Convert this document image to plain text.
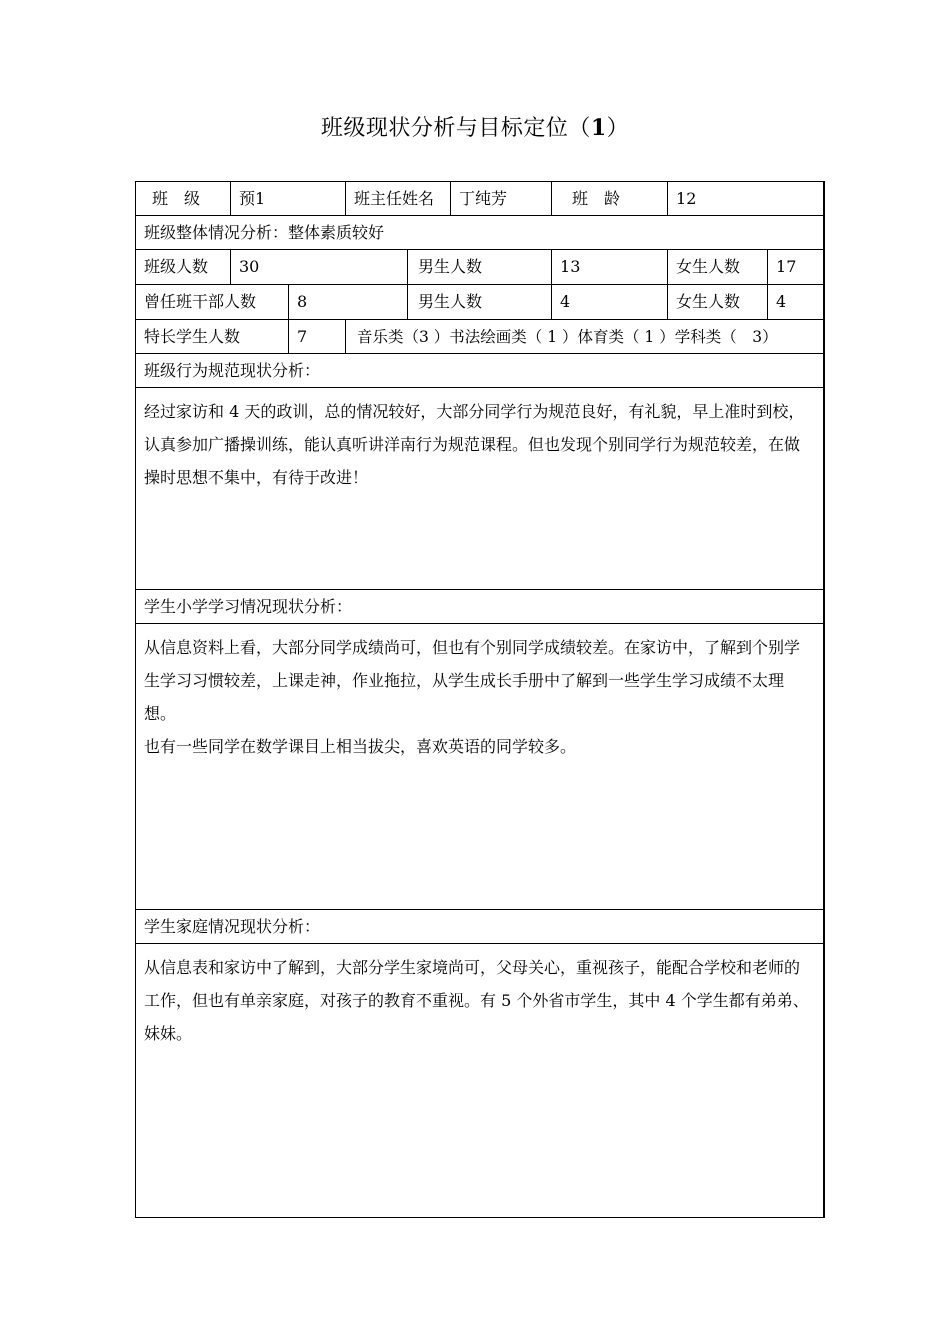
班级现状分析与目标定位（1）
班　级	预1		班主任姓名		丁纯芳	班　龄	12	
班级整体情况分析：整体素质较好								
班级人数	30			男生人数		13	女生人数	17
曾任班干部人数		8		男生人数		4	女生人数	4
特长学生人数		7	音乐类（3 ）书法绘画类（ 1 ）体育类（ 1 ）学科类（　3）					
班级行为规范现状分析：								

经过家访和 4 天的政训，总的情况较好，大部分同学行为规范良好，有礼貌，早上准时到校，认真参加广播操训练，能认真听讲洋南行为规范课程。但也发现个别同学行为规范较差，在做操时思想不集中，有待于改进！								

学生小学学习情况现状分析：								

从信息资料上看，大部分同学成绩尚可，但也有个别同学成绩较差。在家访中，了解到个别学生学习习惯较差，上课走神，作业拖拉，从学生成长手册中了解到一些学生学习成绩不太理想。

也有一些同学在数学课目上相当拔尖，喜欢英语的同学较多。								

学生家庭情况现状分析：								

从信息表和家访中了解到，大部分学生家境尚可，父母关心，重视孩子，能配合学校和老师的工作，但也有单亲家庭，对孩子的教育不重视。有 5 个外省市学生，其中 4 个学生都有弟弟、妹妹。								
